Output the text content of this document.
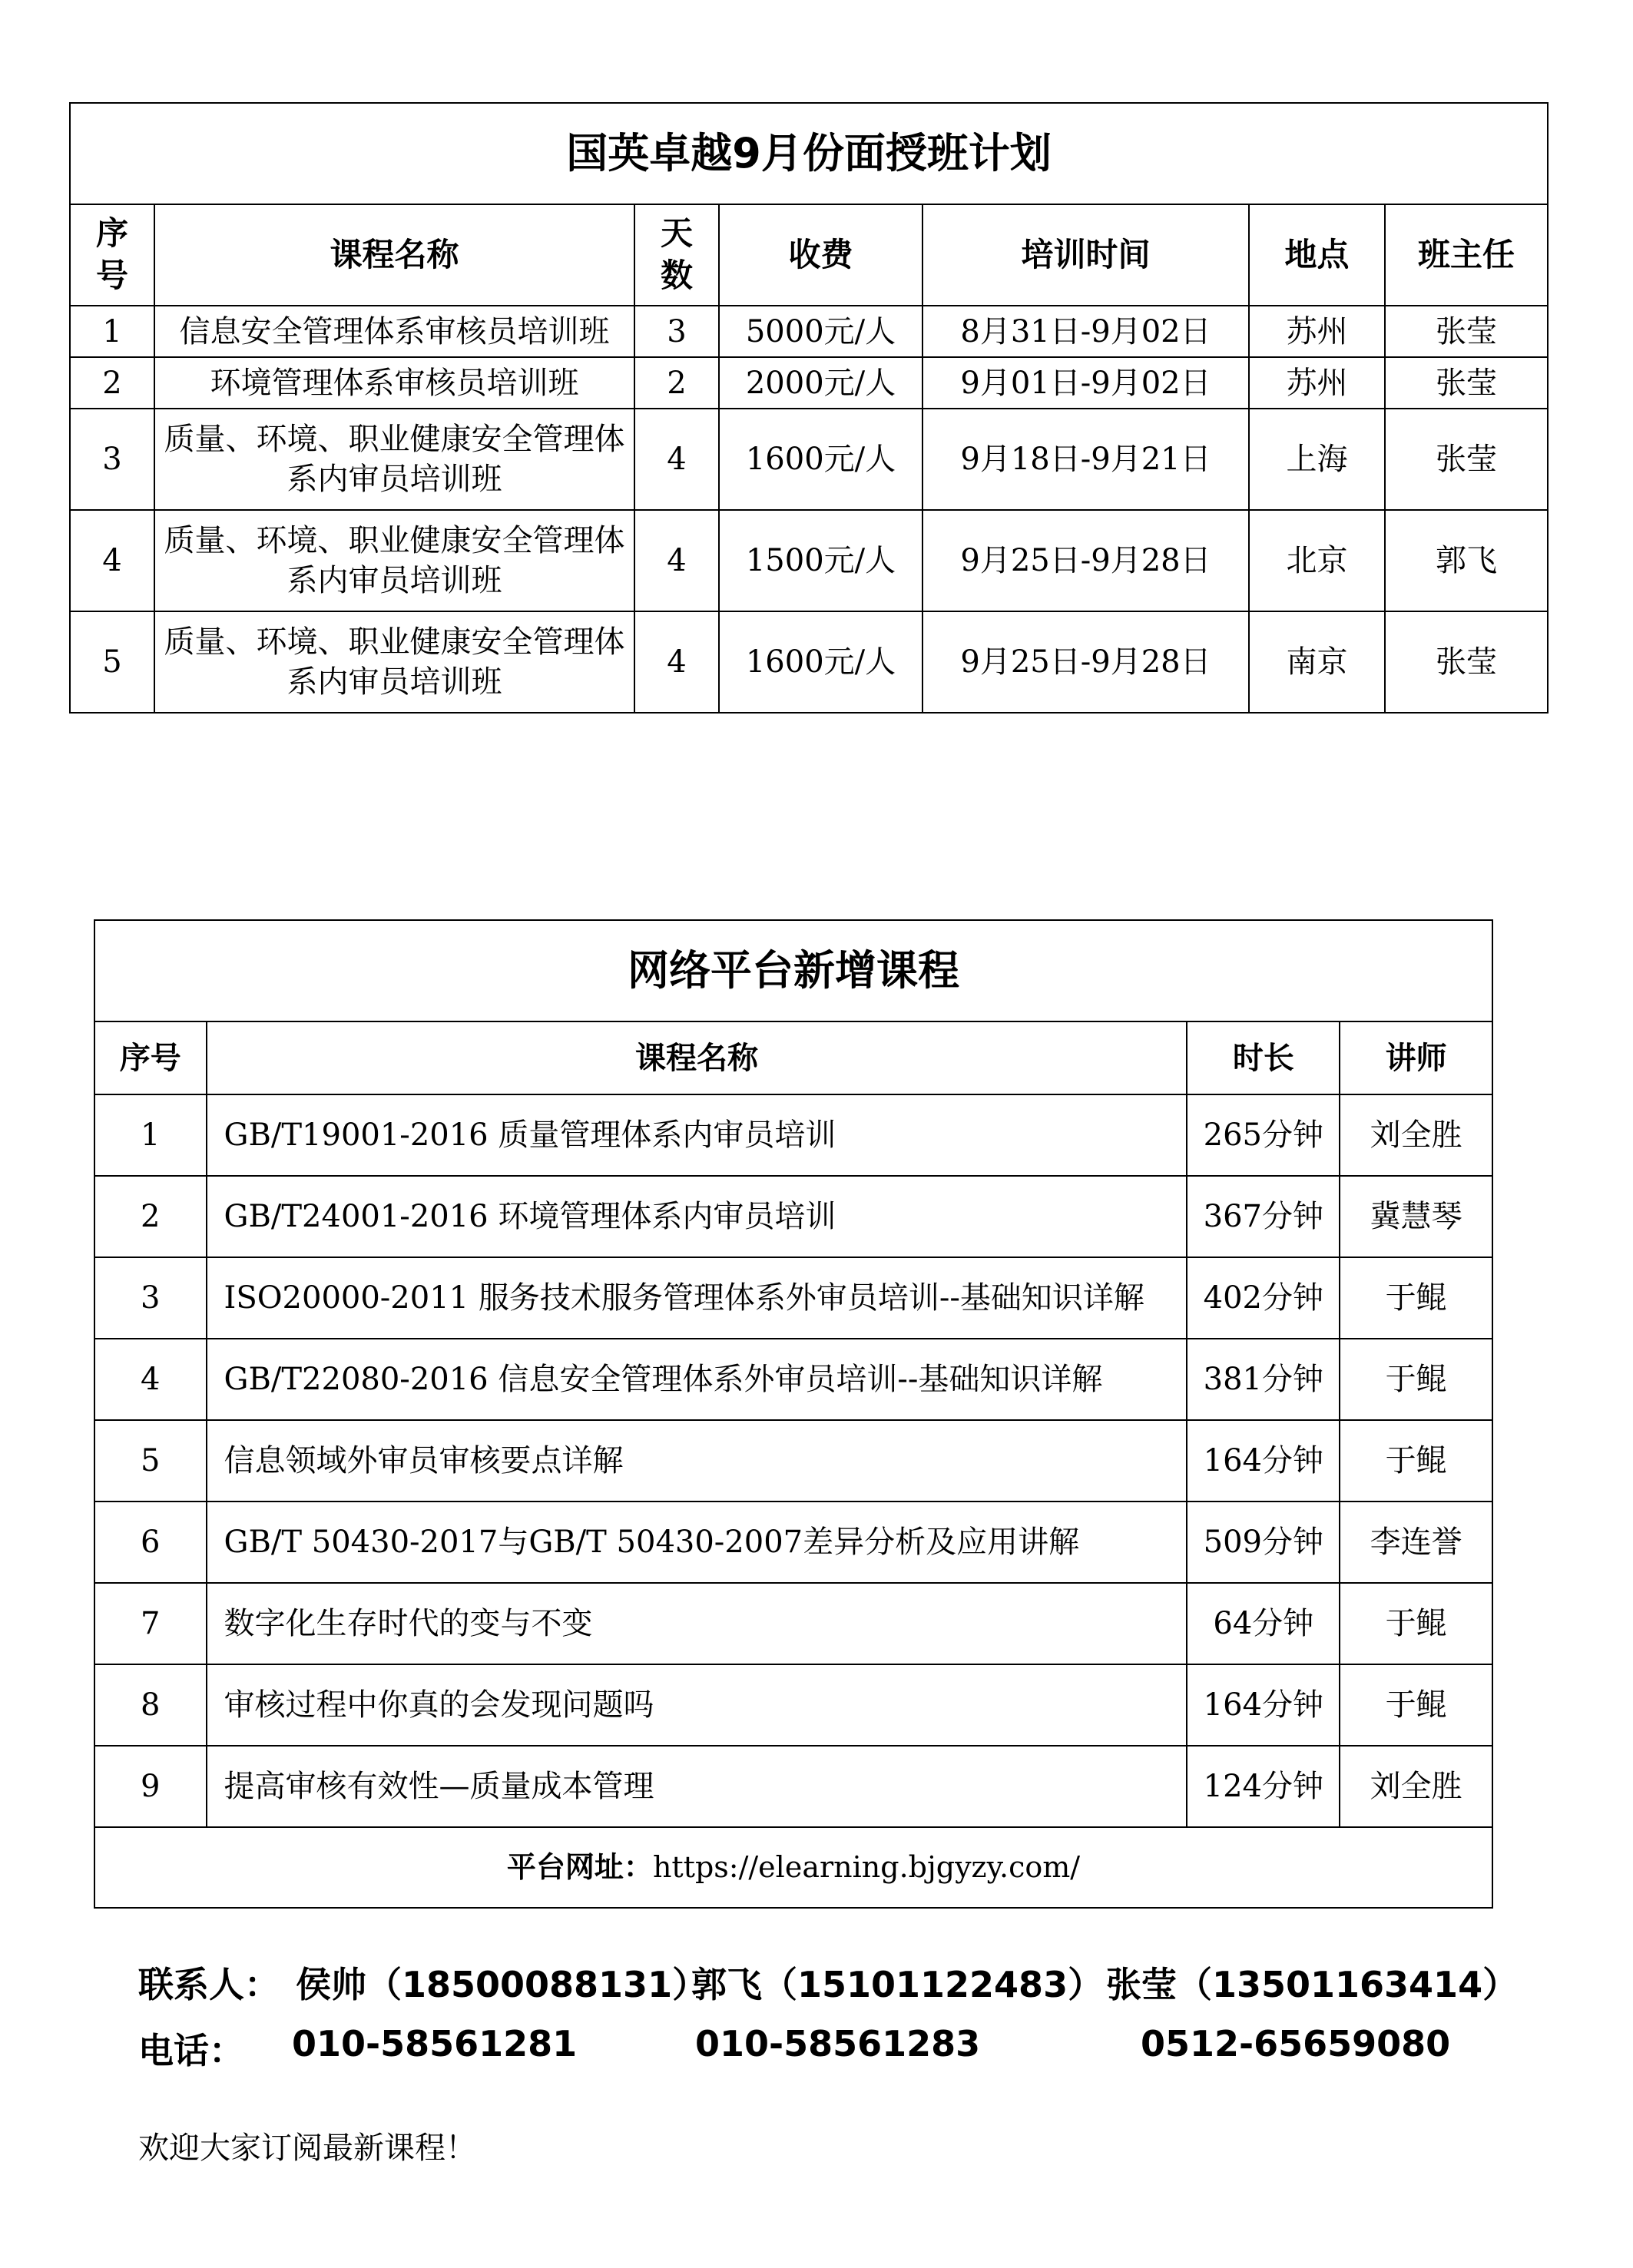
国英卓越9月份面授班计划						
序号	课程名称	天数	收费	培训时间	地点	班主任
1	信息安全管理体系审核员培训班	3	5000元/人	8月31日-9月02日	苏州	张莹
2	环境管理体系审核员培训班	2	2000元/人	9月01日-9月02日	苏州	张莹
3	质量、环境、职业健康安全管理体系内审员培训班	4	1600元/人	9月18日-9月21日	上海	张莹
4	质量、环境、职业健康安全管理体系内审员培训班	4	1500元/人	9月25日-9月28日	北京	郭飞
5	质量、环境、职业健康安全管理体系内审员培训班	4	1600元/人	9月25日-9月28日	南京	张莹
网络平台新增课程			
序号	课程名称	时长	讲师
1	GB/T19001-2016 质量管理体系内审员培训	265分钟	刘全胜
2	GB/T24001-2016 环境管理体系内审员培训	367分钟	冀慧琴
3	ISO20000-2011 服务技术服务管理体系外审员培训--基础知识详解	402分钟	于鲲
4	GB/T22080-2016 信息安全管理体系外审员培训--基础知识详解	381分钟	于鲲
5	信息领域外审员审核要点详解	164分钟	于鲲
6	GB/T 50430-2017与GB/T 50430-2007差异分析及应用讲解	509分钟	李连誉
7	数字化生存时代的变与不变	64分钟	于鲲
8	审核过程中你真的会发现问题吗	164分钟	于鲲
9	提高审核有效性—质量成本管理	124分钟	刘全胜
平台网址：https://elearning.bjgyzy.com/			
联系人： 侯帅（18500088131）
郭飞（15101122483） 张莹（13501163414）
电话： 010-58561281	010-58561283	0512-65659080
欢迎大家订阅最新课程！
